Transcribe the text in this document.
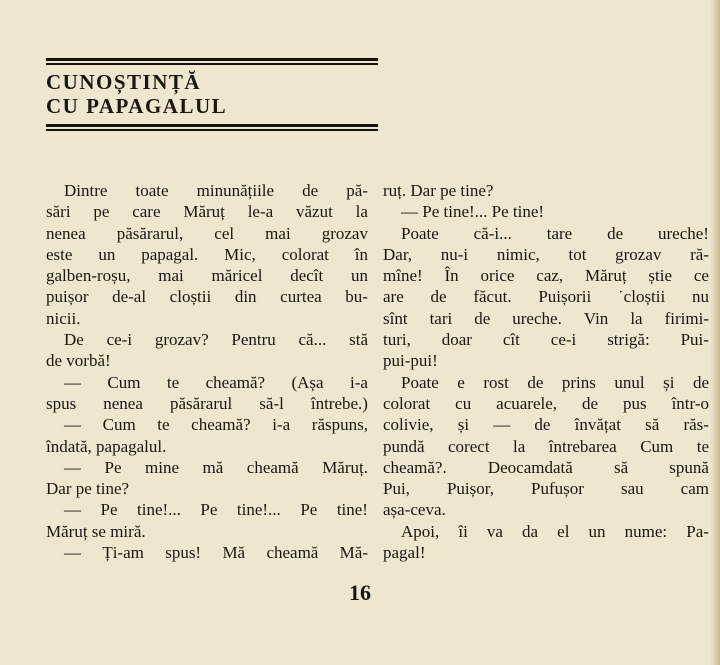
CUNOȘTINȚĂ
CU PAPAGALUL
Dintre toate minunățiile de pă-
sări pe care Măruț le-a văzut la
nenea păsărarul, cel mai grozav
este un papagal. Mic, colorat în
galben-roșu, mai măricel decît un
puișor de-al cloștii din curtea bu-
nicii.
De ce-i grozav? Pentru că... stă
de vorbă!
— Cum te cheamă? (Așa i-a
spus nenea păsărarul să-l întrebe.)
— Cum te cheamă? i-a răspuns,
îndată, papagalul.
— Pe mine mă cheamă Măruț.
Dar pe tine?
— Pe tine!... Pe tine!... Pe tine!
Măruț se miră.
— Ți-am spus! Mă cheamă Mă-
ruț. Dar pe tine?
— Pe tine!... Pe tine!
Poate că-i... tare de ureche!
Dar, nu-i nimic, tot grozav ră-
mîne! În orice caz, Măruț știe ce
are de făcut. Puișorii ˙cloștii nu
sînt tari de ureche. Vin la firimi-
turi, doar cît ce-i strigă: Pui-
pui-pui!
Poate e rost de prins unul și de
colorat cu acuarele, de pus într-o
colivie, și — de învățat să răs-
pundă corect la întrebarea Cum te
cheamă?. Deocamdată să spună
Pui, Puișor, Pufușor sau cam
așa-ceva.
Apoi, îi va da el un nume: Pa-
pagal!
16
